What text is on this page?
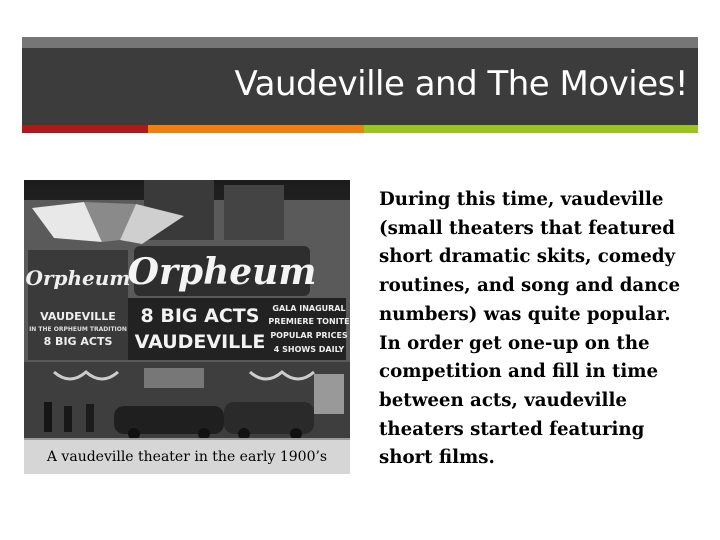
Vaudeville and The Movies!
Orpheum
Orpheum
VAUDEVILLE
IN THE ORPHEUM TRADITION
8 BIG ACTS
8 BIG ACTS
VAUDEVILLE
GALA INAGURAL
PREMIERE TONITE
POPULAR PRICES
4 SHOWS DAILY
A vaudeville theater in the early 1900’s
During this time, vaudeville (small theaters that featured short dramatic skits, comedy routines, and song and dance numbers) was quite popular. In order get one-up on the competition and fill in time between acts, vaudeville theaters started featuring short films.
